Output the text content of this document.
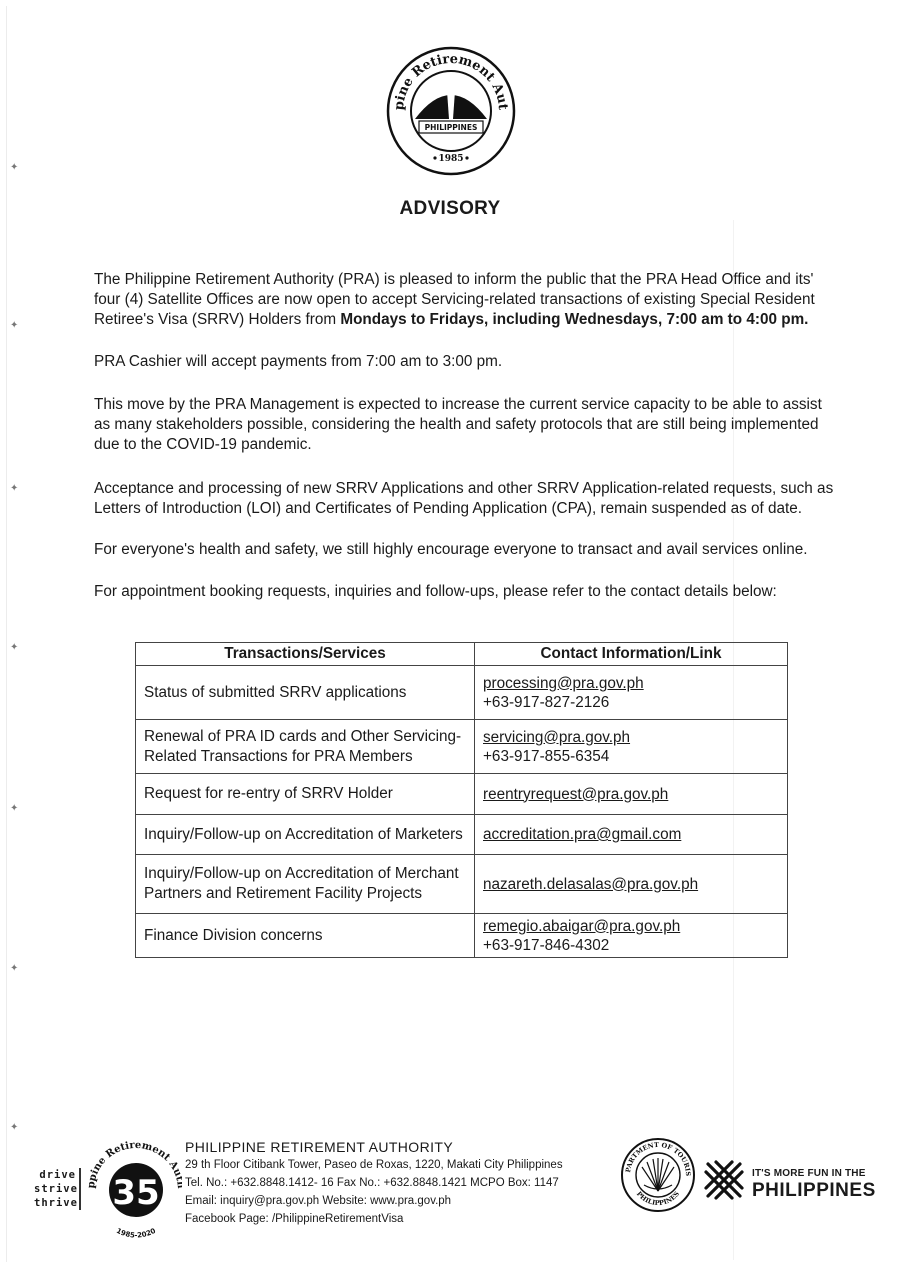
✦
✦
✦
✦
✦
✦
✦
pine Retirement Aut
PHILIPPINES
1985
ADVISORY
The Philippine Retirement Authority (PRA) is pleased to inform the public that the PRA Head Office and its' four (4) Satellite Offices are now open to accept Servicing-related transactions of existing Special Resident Retiree's Visa (SRRV) Holders from Mondays to Fridays, including Wednesdays, 7:00 am to 4:00 pm.
PRA Cashier will accept payments from 7:00 am to 3:00 pm.
This move by the PRA Management is expected to increase the current service capacity to be able to assist as many stakeholders possible, considering the health and safety protocols that are still being implemented due to the COVID-19 pandemic.
Acceptance and processing of new SRRV Applications and other SRRV Application-related requests, such as Letters of Introduction (LOI) and Certificates of Pending Application (CPA), remain suspended as of date.
For everyone's health and safety, we still highly encourage everyone to transact and avail services online.
For appointment booking requests, inquiries and follow-ups, please refer to the contact details below:
Transactions/Services	Contact Information/Link
Status of submitted SRRV applications	processing@pra.gov.ph
+63-917-827-2126

Renewal of PRA ID cards and Other Servicing-Related Transactions for PRA Members	servicing@pra.gov.ph
+63-917-855-6354

Request for re-entry of SRRV Holder	reentryrequest@pra.gov.ph

Inquiry/Follow-up on Accreditation of Marketers	accreditation.pra@gmail.com

Inquiry/Follow-up on Accreditation of Merchant Partners and Retirement Facility Projects	nazareth.delasalas@pra.gov.ph

Finance Division concerns	remegio.abaigar@pra.gov.ph
+63-917-846-4302
ppine Retirement A
35
1985-2020
drive
strive
thrive
PHILIPPINE RETIREMENT AUTHORITY
29 th Floor Citibank Tower, Paseo de Roxas, 1220, Makati City Philippines
Tel. No.: +632.8848.1412- 16 Fax No.: +632.8848.1421 MCPO Box: 1147
Email: inquiry@pra.gov.ph Website: www.pra.gov.ph
Facebook Page: /PhilippineRetirementVisa
PARTMENT OF TOURIS
PHILIPPINES
IT'S MORE FUN IN THE
PHILIPPINES
